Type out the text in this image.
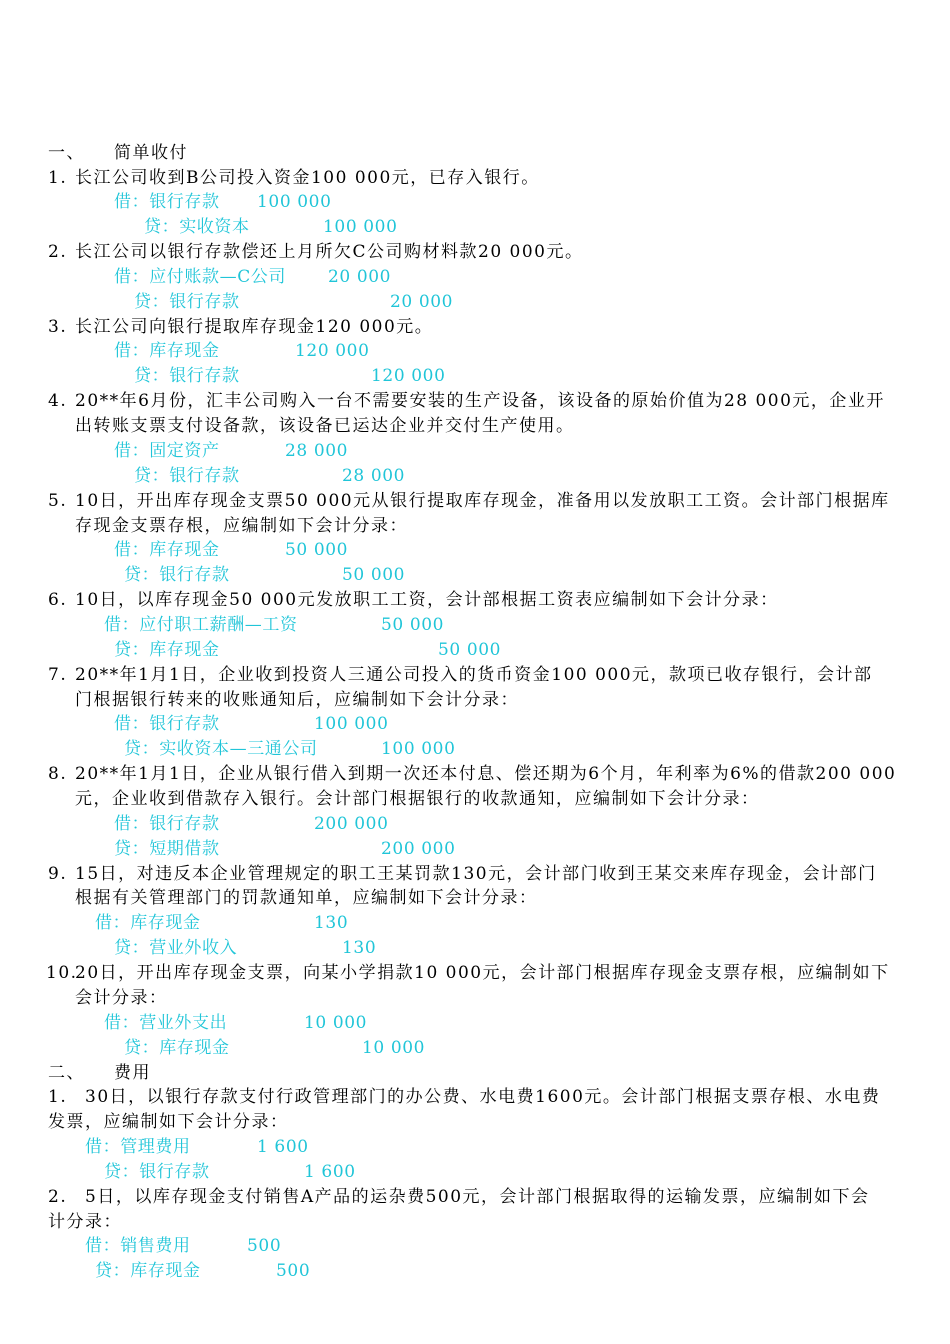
一、 简单收付
1. 长江公司收到B公司投入资金100 000元，已存入银行。
借：银行存款 100 000
贷：实收资本	100 000
2. 长江公司以银行存款偿还上月所欠C公司购材料款20 000元。
借：应付账款—C公司 20 000
贷：银行存款	20 000
3. 长江公司向银行提取库存现金120 000元。
借：库存现金	120 000
贷：银行存款	120 000
4. 20**年6月份，汇丰公司购入一台不需要安装的生产设备，该设备的原始价值为28 000元，企业开
出转账支票支付设备款，该设备已运达企业并交付生产使用。
借：固定资产	28 000
贷：银行存款	28 000
5. 10日，开出库存现金支票50 000元从银行提取库存现金，准备用以发放职工工资。会计部门根据库
存现金支票存根，应编制如下会计分录：
借：库存现金	50 000
贷：银行存款	50 000
6. 10日，以库存现金50 000元发放职工工资，会计部根据工资表应编制如下会计分录：
借：应付职工薪酬—工资	50 000
贷：库存现金	50 000
7. 20**年1月1日，企业收到投资人三通公司投入的货币资金100 000元，款项已收存银行，会计部
门根据银行转来的收账通知后，应编制如下会计分录：
借：银行存款	100 000
贷：实收资本—三通公司	100 000
8. 20**年1月1日，企业从银行借入到期一次还本付息、偿还期为6个月，年利率为6%的借款200 000
元，企业收到借款存入银行。会计部门根据银行的收款通知，应编制如下会计分录：
借：银行存款	200 000
贷：短期借款	200 000
9. 15日，对违反本企业管理规定的职工王某罚款130元，会计部门收到王某交来库存现金，会计部门
根据有关管理部门的罚款通知单，应编制如下会计分录：
借：库存现金	130
贷：营业外收入	130
10.
20日，开出库存现金支票，向某小学捐款10 000元，会计部门根据库存现金支票存根，应编制如下
会计分录：
借：营业外支出	10 000
贷：库存现金	10 000
二、 费用
1. 30日，以银行存款支付行政管理部门的办公费、水电费1600元。会计部门根据支票存根、水电费
发票，应编制如下会计分录：
借：管理费用	1 600
贷：银行存款	1 600
2. 5日，以库存现金支付销售A产品的运杂费500元，会计部门根据取得的运输发票，应编制如下会
计分录：
借：销售费用	500
贷：库存现金	500
